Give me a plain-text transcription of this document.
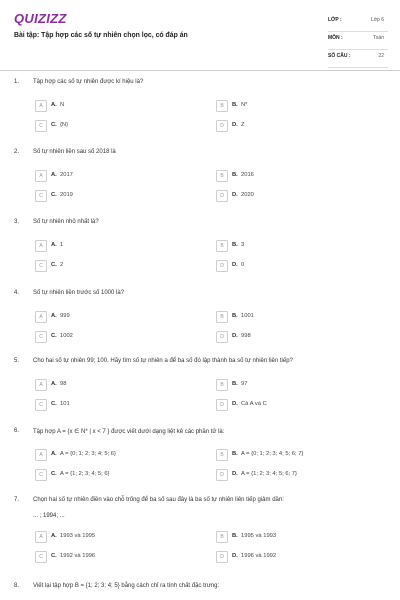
QUIZIZZ
Bài tập: Tập hợp các số tự nhiên chọn lọc, có đáp án
LỚP :	Lớp 6
MÔN :	Toán
SỐ CÂU :	22
1. Tập hợp các số tự nhiên được kí hiệu là?
A	A. N	B	B. N*
C	C. {N}	D	D. Z
2. Số tự nhiên liền sau số 2018 là
A	A. 2017	B	B. 2016
C	C. 2019	D	D. 2020
3. Số tự nhiên nhỏ nhất là?
A	A. 1	B	B. 3
C	C. 2	D	D. 0
4. Số tự nhiên liền trước số 1000 là?
A	A. 999	B	B. 1001
C	C. 1002	D	D. 998
5. Cho hai số tự nhiên 99; 100. Hãy tìm số tự nhiên a để ba số đó lập thành ba số tự nhiên liên tiếp?
A	A. 98	B	B. 97
C	C. 101	D	D. Cả A và C
6. Tập hợp A = {x ∈ N* | x < 7 } được viết dưới dạng liệt kê các phần tử là:
A	A. A = {0; 1; 2; 3; 4; 5; 6}	B	B. A = {0; 1; 2; 3; 4; 5; 6; 7}
C	C. A = {1; 2; 3; 4; 5; 6}	D	D. A = {1; 2; 3; 4; 5; 6; 7}
7. Chọn hai số tự nhiên điền vào chỗ trống để ba số sau đây là ba số tự nhiên liên tiếp giảm dần:
... ; 1994; ...
A	A. 1993 và 1995	B	B. 1995 và 1993
C	C. 1992 và 1996	D	D. 1996 và 1992
8. Viết lại tập hợp B = {1; 2; 3; 4; 5} bằng cách chỉ ra tính chất đặc trưng:
